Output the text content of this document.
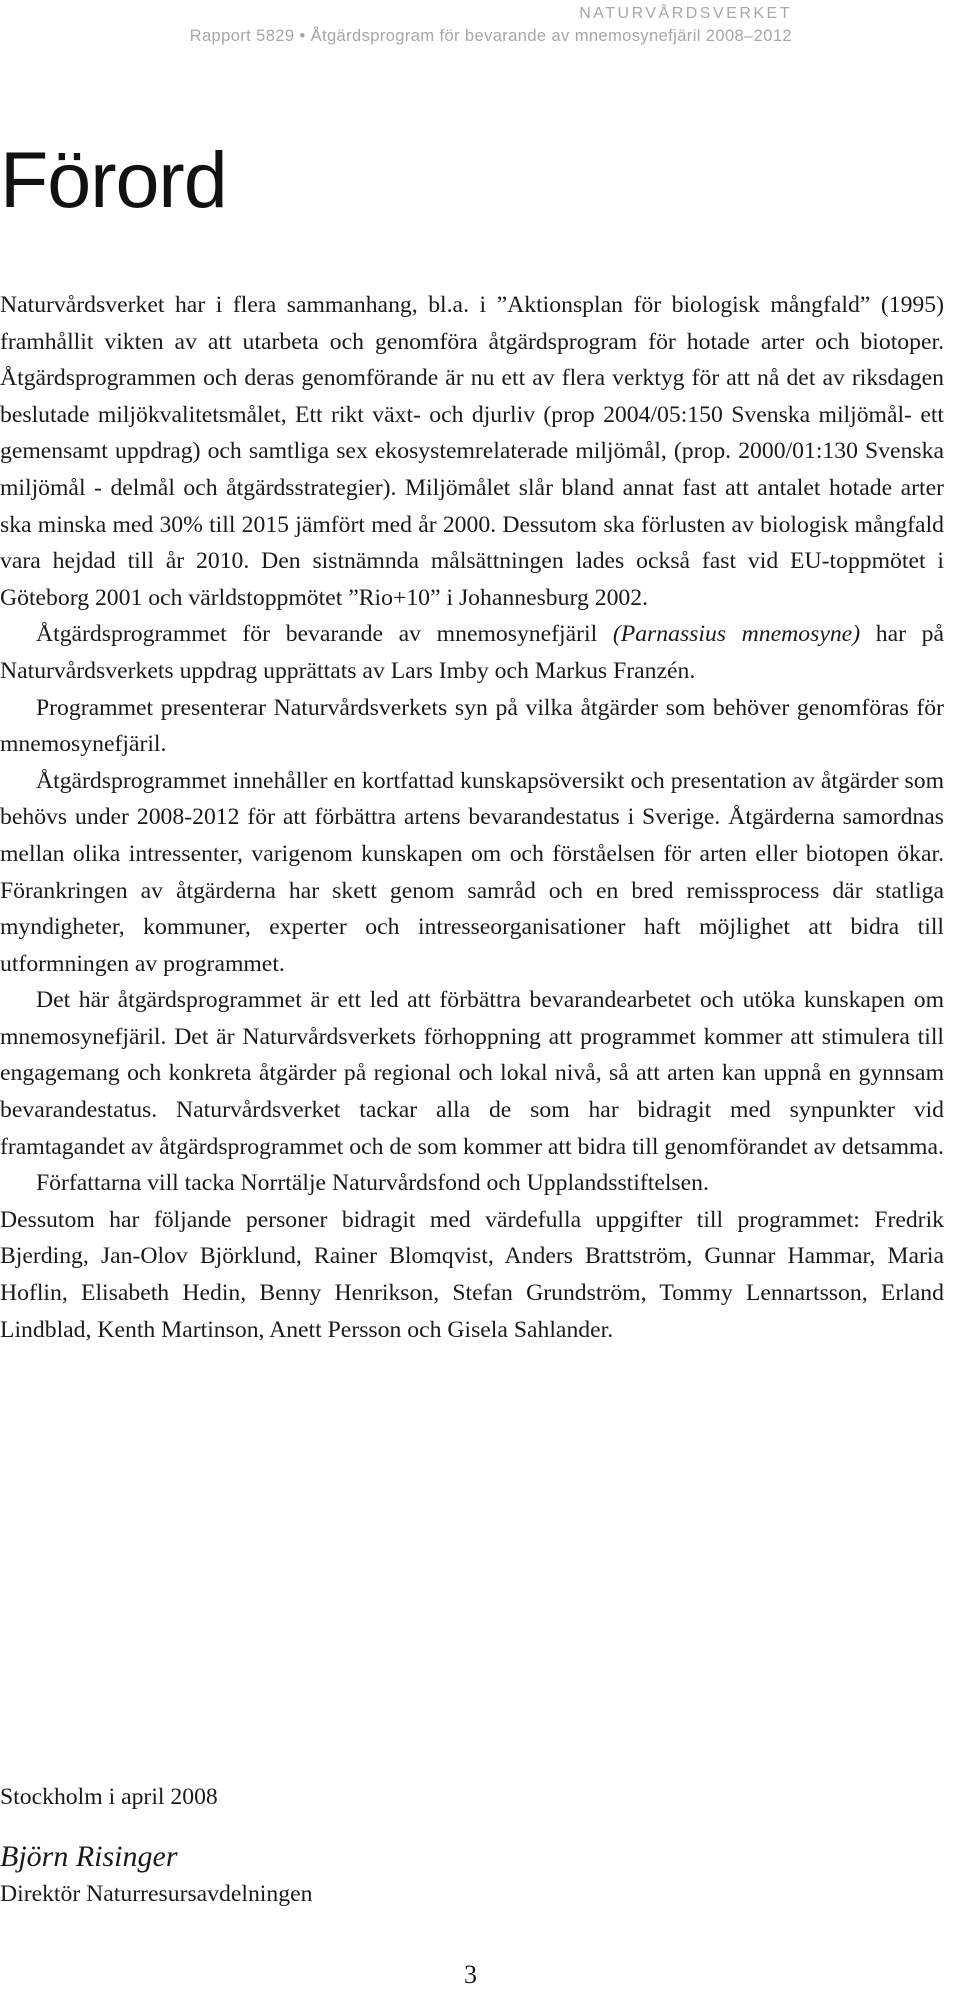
NATURVÅRDSVERKET
Rapport 5829 • Åtgärdsprogram för bevarande av mnemosynefjäril 2008–2012
Förord

Naturvårdsverket har i flera sammanhang, bl.a. i ”Aktionsplan för biologisk mångfald” (1995) framhållit vikten av att utarbeta och genomföra åtgärdsprogram för hotade arter och biotoper. Åtgärdsprogrammen och deras genomförande är nu ett av flera verktyg för att nå det av riksdagen beslutade miljökvalitetsmålet, Ett rikt växt- och djurliv (prop 2004/05:150 Svenska miljömål- ett gemensamt uppdrag) och samtliga sex ekosystemrelaterade miljömål, (prop. 2000/01:130 Svenska miljömål - delmål och åtgärdsstrategier). Miljömålet slår bland annat fast att antalet hotade arter ska minska med 30% till 2015 jämfört med år 2000. Dessutom ska förlusten av biologisk mångfald vara hejdad till år 2010. Den sistnämnda målsättningen lades också fast vid EU-toppmötet i Göteborg 2001 och världstoppmötet ”Rio+10” i Johannesburg 2002.

Åtgärdsprogrammet för bevarande av mnemosynefjäril (Parnassius mnemosyne) har på Naturvårdsverkets uppdrag upprättats av Lars Imby och Markus Franzén.

Programmet presenterar Naturvårdsverkets syn på vilka åtgärder som behöver genomföras för mnemosynefjäril.

Åtgärdsprogrammet innehåller en kortfattad kunskapsöversikt och presentation av åtgärder som behövs under 2008-2012 för att förbättra artens bevarandestatus i Sverige. Åtgärderna samordnas mellan olika intressenter, varigenom kunskapen om och förståelsen för arten eller biotopen ökar. Förankringen av åtgärderna har skett genom samråd och en bred remissprocess där statliga myndigheter, kommuner, experter och intresseorganisationer haft möjlighet att bidra till utformningen av programmet.

Det här åtgärdsprogrammet är ett led att förbättra bevarandearbetet och utöka kunskapen om mnemosynefjäril. Det är Naturvårdsverkets förhoppning att programmet kommer att stimulera till engagemang och konkreta åtgärder på regional och lokal nivå, så att arten kan uppnå en gynnsam bevarandestatus. Naturvårdsverket tackar alla de som har bidragit med synpunkter vid framtagandet av åtgärdsprogrammet och de som kommer att bidra till genomförandet av detsamma.

Författarna vill tacka Norrtälje Naturvårdsfond och Upplandsstiftelsen.

Dessutom har följande personer bidragit med värdefulla uppgifter till programmet: Fredrik Bjerding, Jan-Olov Björklund, Rainer Blomqvist, Anders Brattström, Gunnar Hammar, Maria Hoflin, Elisabeth Hedin, Benny Henrikson, Stefan Grundström, Tommy Lennartsson, Erland Lindblad, Kenth Martinson, Anett Persson och Gisela Sahlander.

Stockholm i april 2008
Björn Risinger
Direktör Naturresursavdelningen
3
